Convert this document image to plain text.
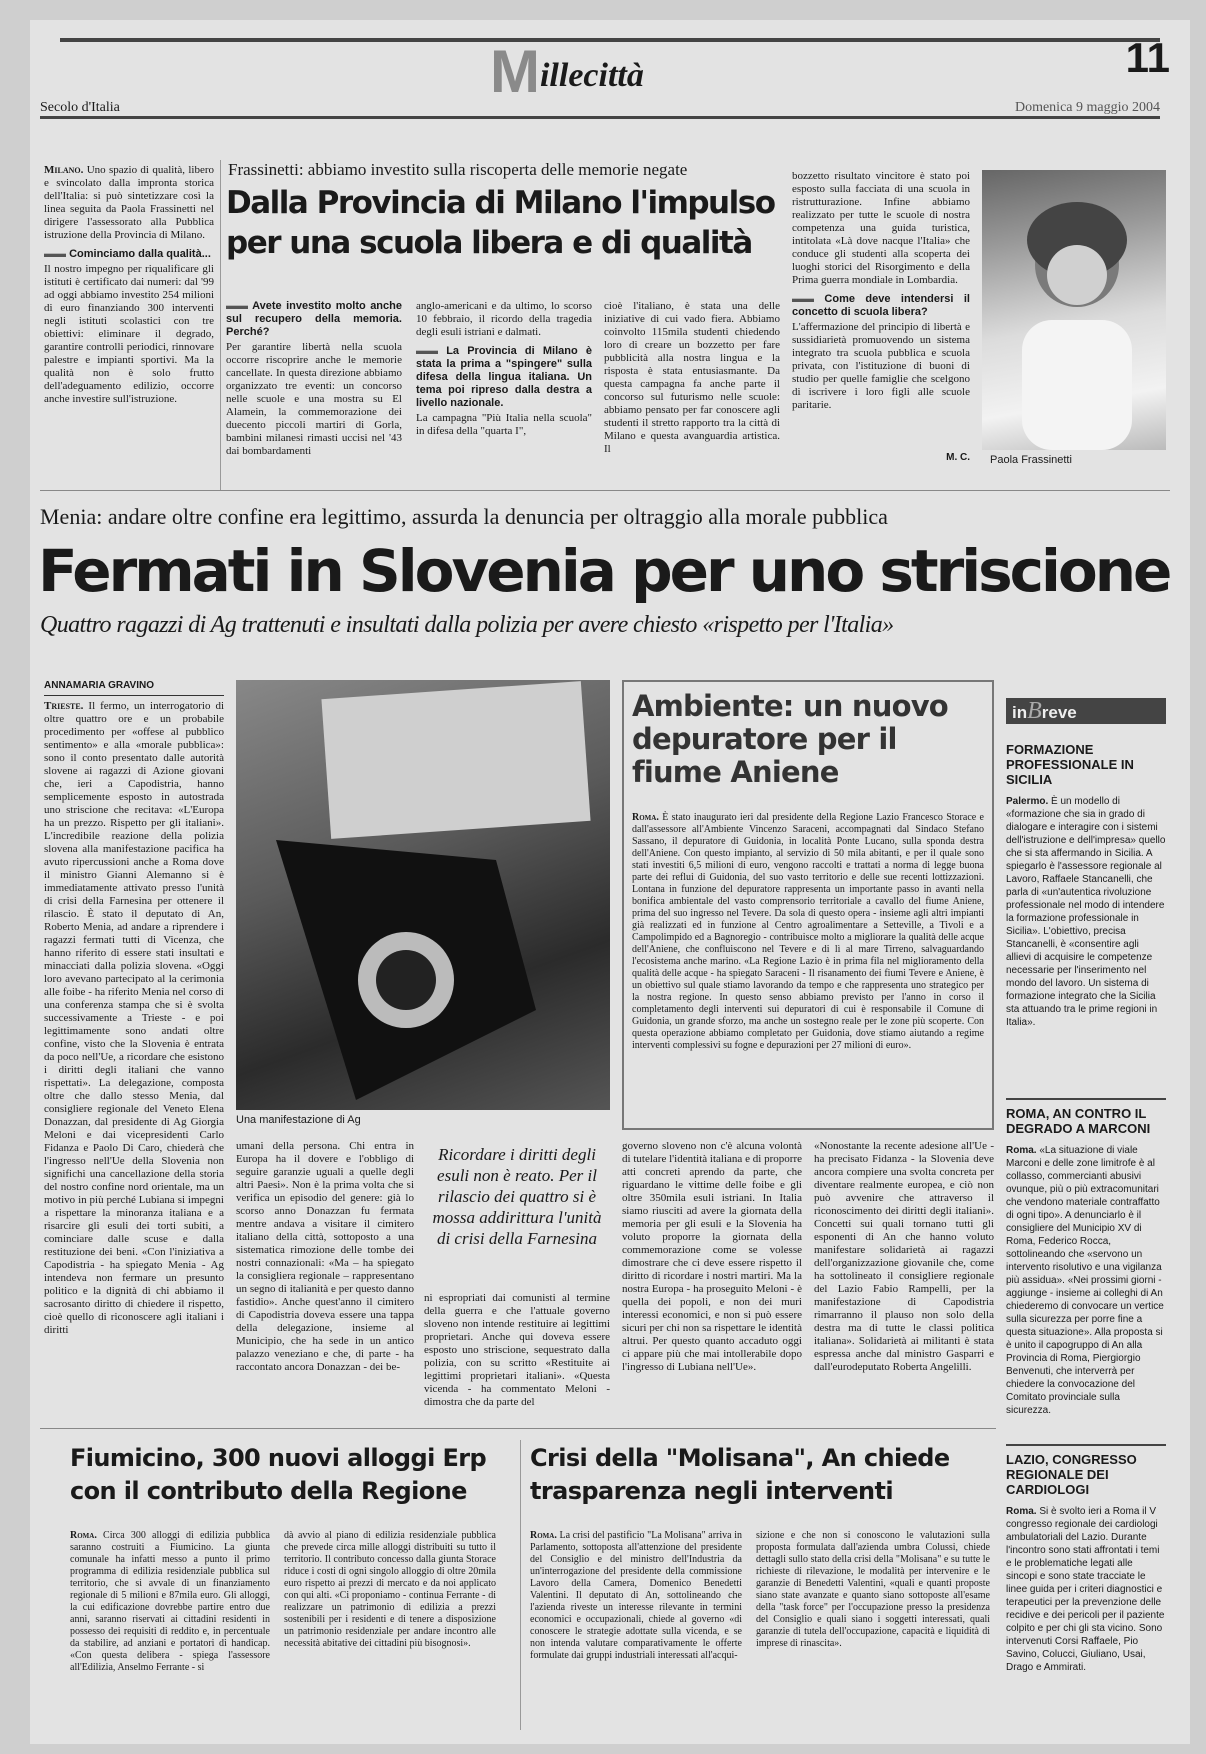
Millecittà	11
Secolo d'Italia	Domenica 9 maggio 2004
Milano. Uno spazio di qualità, libero e svincolato dalla impronta storica dell'Italia: si può sintetizzare così la linea seguita da Paola Frassinetti nel dirigere l'assessorato alla Pubblica istruzione della Provincia di Milano.
▬▬ Cominciamo dalla qualità...
Il nostro impegno per riqualificare gli istituti è certificato dai numeri: dal '99 ad oggi abbiamo investito 254 milioni di euro finanziando 300 interventi negli istituti scolastici con tre obiettivi: eliminare il degrado, garantire controlli periodici, rinnovare palestre e impianti sportivi. Ma la qualità non è solo frutto dell'adeguamento edilizio, occorre anche investire sull'istruzione.
Frassinetti: abbiamo investito sulla riscoperta delle memorie negate
Dalla Provincia di Milano l'impulso
per una scuola libera e di qualità
▬▬ Avete investito molto anche sul recupero della memoria. Perché?
Per garantire libertà nella scuola occorre riscoprire anche le memorie cancellate. In questa direzione abbiamo organizzato tre eventi: un concorso nelle scuole e una mostra su El Alamein, la commemorazione dei duecento piccoli martiri di Gorla, bambini milanesi rimasti uccisi nel '43 dai bombardamenti
anglo-americani e da ultimo, lo scorso 10 febbraio, il ricordo della tragedia degli esuli istriani e dalmati.
▬▬ La Provincia di Milano è stata la prima a "spingere" sulla difesa della lingua italiana. Un tema poi ripreso dalla destra a livello nazionale.
La campagna "Più Italia nella scuola" in difesa della "quarta I",
cioè l'italiano, è stata una delle iniziative di cui vado fiera. Abbiamo coinvolto 115mila studenti chiedendo loro di creare un bozzetto per fare pubblicità alla nostra lingua e la risposta è stata entusiasmante. Da questa campagna fa anche parte il concorso sul futurismo nelle scuole: abbiamo pensato per far conoscere agli studenti il stretto rapporto tra la città di Milano e questa avanguardia artistica. Il
bozzetto risultato vincitore è stato poi esposto sulla facciata di una scuola in ristrutturazione. Infine abbiamo realizzato per tutte le scuole di nostra competenza una guida turistica, intitolata «Là dove nacque l'Italia» che conduce gli studenti alla scoperta dei luoghi storici del Risorgimento e della Prima guerra mondiale in Lombardia.
▬▬ Come deve intendersi il concetto di scuola libera?
L'affermazione del principio di libertà e sussidiarietà promuovendo un sistema integrato tra scuola pubblica e scuola privata, con l'istituzione di buoni di studio per quelle famiglie che scelgono di iscrivere i loro figli alle scuole paritarie.
M. C. Paola Frassinetti
Menia: andare oltre confine era legittimo, assurda la denuncia per oltraggio alla morale pubblica
Fermati in Slovenia per uno striscione
Quattro ragazzi di Ag trattenuti e insultati dalla polizia per avere chiesto «rispetto per l'Italia»
ANNAMARIA GRAVINO
Trieste. Il fermo, un interrogatorio di oltre quattro ore e un probabile procedimento per «offese al pubblico sentimento» e alla «morale pubblica»: sono il conto presentato dalle autorità slovene ai ragazzi di Azione giovani che, ieri a Capodistria, hanno semplicemente esposto in autostrada uno striscione che recitava: «L'Europa ha un prezzo. Rispetto per gli italiani». L'incredibile reazione della polizia slovena alla manifestazione pacifica ha avuto ripercussioni anche a Roma dove il ministro Gianni Alemanno si è immediatamente attivato presso l'unità di crisi della Farnesina per ottenere il rilascio. È stato il deputato di An, Roberto Menia, ad andare a riprendere i ragazzi fermati tutti di Vicenza, che hanno riferito di essere stati insultati e minacciati dalla polizia slovena. «Oggi loro avevano partecipato al la cerimonia alle foibe - ha riferito Menia nel corso di una conferenza stampa che si è svolta successivamente a Trieste - e poi legittimamente sono andati oltre confine, visto che la Slovenia è entrata da poco nell'Ue, a ricordare che esistono i diritti degli italiani che vanno rispettati». La delegazione, composta oltre che dallo stesso Menia, dal consigliere regionale del Veneto Elena Donazzan, dal presidente di Ag Giorgia Meloni e dai vicepresidenti Carlo Fidanza e Paolo Di Caro, chiederà che l'ingresso nell'Ue della Slovenia non significhi una cancellazione della storia del nostro confine nord orientale, ma un motivo in più perché Lubiana si impegni a rispettare la minoranza italiana e a risarcire gli esuli dei torti subiti, a cominciare dalle scuse e dalla restituzione dei beni. «Con l'iniziativa a Capodistria - ha spiegato Menia - Ag intendeva non fermare un presunto politico e la dignità di chi abbiamo il sacrosanto diritto di chiedere il rispetto, cioè quello di riconoscere agli italiani i diritti
Una manifestazione di Ag
umani della persona. Chi entra in Europa ha il dovere e l'obbligo di seguire garanzie uguali a quelle degli altri Paesi». Non è la prima volta che si verifica un episodio del genere: già lo scorso anno Donazzan fu fermata mentre andava a visitare il cimitero italiano della città, sottoposto a una sistematica rimozione delle tombe dei nostri connazionali: «Ma – ha spiegato la consigliera regionale – rappresentano un segno di italianità e per questo danno fastidio». Anche quest'anno il cimitero di Capodistria doveva essere una tappa della delegazione, insieme al Municipio, che ha sede in un antico palazzo veneziano e che, di parte - ha raccontato ancora Donazzan - dei be-
Ricordare i diritti degli esuli non è reato. Per il rilascio dei quattro si è mossa addirittura l'unità di crisi della Farnesina
ni espropriati dai comunisti al termine della guerra e che l'attuale governo sloveno non intende restituire ai legittimi proprietari. Anche qui doveva essere esposto uno striscione, sequestrato dalla polizia, con su scritto «Restituite ai legittimi proprietari italiani». «Questa vicenda - ha commentato Meloni - dimostra che da parte del
governo sloveno non c'è alcuna volontà di tutelare l'identità italiana e di proporre atti concreti aprendo da parte, che riguardano le vittime delle foibe e gli oltre 350mila esuli istriani. In Italia siamo riusciti ad avere la giornata della memoria per gli esuli e la Slovenia ha voluto proporre la giornata della commemorazione come se volesse dimostrare che ci deve essere rispetto il diritto di ricordare i nostri martiri. Ma la nostra Europa - ha proseguito Meloni - è quella dei popoli, e non dei muri interessi economici, e non si può essere sicuri per chi non sa rispettare le identità altrui. Per questo quanto accaduto oggi ci appare più che mai intollerabile dopo l'ingresso di Lubiana nell'Ue».
«Nonostante la recente adesione all'Ue - ha precisato Fidanza - la Slovenia deve ancora compiere una svolta concreta per diventare realmente europea, e ciò non può avvenire che attraverso il riconoscimento dei diritti degli italiani». Concetti sui quali tornano tutti gli esponenti di An che hanno voluto manifestare solidarietà ai ragazzi dell'organizzazione giovanile che, come ha sottolineato il consigliere regionale del Lazio Fabio Rampelli, per la manifestazione di Capodistria rimarranno il plauso non solo della destra ma di tutte le classi politica italiana». Solidarietà ai militanti è stata espressa anche dal ministro Gasparri e dall'eurodeputato Roberta Angelilli.
Ambiente: un nuovo depuratore per il fiume Aniene
Roma. È stato inaugurato ieri dal presidente della Regione Lazio Francesco Storace e dall'assessore all'Ambiente Vincenzo Saraceni, accompagnati dal Sindaco Stefano Sassano, il depuratore di Guidonia, in località Ponte Lucano, sulla sponda destra dell'Aniene. Con questo impianto, al servizio di 50 mila abitanti, e per il quale sono stati investiti 6,5 milioni di euro, vengono raccolti e trattati a norma di legge buona parte dei reflui di Guidonia, del suo vasto territorio e delle sue recenti lottizzazioni. Lontana in funzione del depuratore rappresenta un importante passo in avanti nella bonifica ambientale del vasto comprensorio territoriale a cavallo del fiume Aniene, prima del suo ingresso nel Tevere. Da sola di questo opera - insieme agli altri impianti già realizzati ed in funzione al Centro agroalimentare a Setteville, a Tivoli e a Campolimpido ed a Bagnoregio - contribuisce molto a migliorare la qualità delle acque dell'Aniene, che confluiscono nel Tevere e di lì al mare Tirreno, salvaguardando l'ecosistema anche marino. «La Regione Lazio è in prima fila nel miglioramento della qualità delle acque - ha spiegato Saraceni - Il risanamento dei fiumi Tevere e Aniene, è un obiettivo sul quale stiamo lavorando da tempo e che rappresenta uno strategico per la nostra regione. In questo senso abbiamo previsto per l'anno in corso il completamento degli interventi sui depuratori di cui è responsabile il Comune di Guidonia, un grande sforzo, ma anche un sostegno reale per le zone più scoperte. Con questa operazione abbiamo completato per Guidonia, dove stiamo aiutando a regime interventi complessivi su fogne e depurazioni per 27 milioni di euro».
inBreve
FORMAZIONE PROFESSIONALE IN SICILIA
Palermo. È un modello di «formazione che sia in grado di dialogare e interagire con i sistemi dell'istruzione e dell'impresa» quello che si sta affermando in Sicilia. A spiegarlo è l'assessore regionale al Lavoro, Raffaele Stancanelli, che parla di «un'autentica rivoluzione professionale nel modo di intendere la formazione professionale in Sicilia». L'obiettivo, precisa Stancanelli, è «consentire agli allievi di acquisire le competenze necessarie per l'inserimento nel mondo del lavoro. Un sistema di formazione integrato che la Sicilia sta attuando tra le prime regioni in Italia».
ROMA, AN CONTRO IL DEGRADO A MARCONI
Roma. «La situazione di viale Marconi e delle zone limitrofe è al collasso, commercianti abusivi ovunque, più o più extracomunitari che vendono materiale contraffatto di ogni tipo». A denunciarlo è il consigliere del Municipio XV di Roma, Federico Rocca, sottolineando che «servono un intervento risolutivo e una vigilanza più assidua». «Nei prossimi giorni - aggiunge - insieme ai colleghi di An chiederemo di convocare un vertice sulla sicurezza per porre fine a questa situazione». Alla proposta si è unito il capogruppo di An alla Provincia di Roma, Piergiorgio Benvenuti, che interverrà per chiedere la convocazione del Comitato provinciale sulla sicurezza.
LAZIO, CONGRESSO REGIONALE DEI CARDIOLOGI
Roma. Si è svolto ieri a Roma il V congresso regionale dei cardiologi ambulatoriali del Lazio. Durante l'incontro sono stati affrontati i temi e le problematiche legati alle sincopi e sono state tracciate le linee guida per i criteri diagnostici e terapeutici per la prevenzione delle recidive e dei pericoli per il paziente colpito e per chi gli sta vicino. Sono intervenuti Corsi Raffaele, Pio Savino, Colucci, Giuliano, Usai, Drago e Ammirati.
Fiumicino, 300 nuovi alloggi Erp con il contributo della Regione
Roma. Circa 300 alloggi di edilizia pubblica saranno costruiti a Fiumicino. La giunta comunale ha infatti messo a punto il primo programma di edilizia residenziale pubblica sul territorio, che si avvale di un finanziamento regionale di 5 milioni e 87mila euro. Gli alloggi, la cui edificazione dovrebbe partire entro due anni, saranno riservati ai cittadini residenti in possesso dei requisiti di reddito e, in percentuale da stabilire, ad anziani e portatori di handicap. «Con questa delibera - spiega l'assessore all'Edilizia, Anselmo Ferrante - si
dà avvio al piano di edilizia residenziale pubblica che prevede circa mille alloggi distribuiti su tutto il territorio. Il contributo concesso dalla giunta Storace riduce i costi di ogni singolo alloggio di oltre 20mila euro rispetto ai prezzi di mercato e da noi applicato con qui alti. «Ci proponiamo - continua Ferrante - di realizzare un patrimonio di edilizia a prezzi sostenibili per i residenti e di tenere a disposizione un patrimonio residenziale per andare incontro alle necessità abitative dei cittadini più bisognosi».
Crisi della "Molisana", An chiede trasparenza negli interventi
Roma. La crisi del pastificio "La Molisana" arriva in Parlamento, sottoposta all'attenzione del presidente del Consiglio e del ministro dell'Industria da un'interrogazione del presidente della commissione Lavoro della Camera, Domenico Benedetti Valentini. Il deputato di An, sottolineando che l'azienda riveste un interesse rilevante in termini economici e occupazionali, chiede al governo «di conoscere le strategie adottate sulla vicenda, e se non intenda valutare comparativamente le offerte formulate dai gruppi industriali interessati all'acqui-
sizione e che non si conoscono le valutazioni sulla proposta formulata dall'azienda umbra Colussi, chiede dettagli sullo stato della crisi della "Molisana" e su tutte le richieste di rilevazione, le modalità per intervenire e le garanzie di Benedetti Valentini, «quali e quanti proposte siano state avanzate e quanto siano sottoposte all'esame della "task force" per l'occupazione presso la presidenza del Consiglio e quali siano i soggetti interessati, quali garanzie di tutela dell'occupazione, capacità e liquidità di imprese di rinascita».
